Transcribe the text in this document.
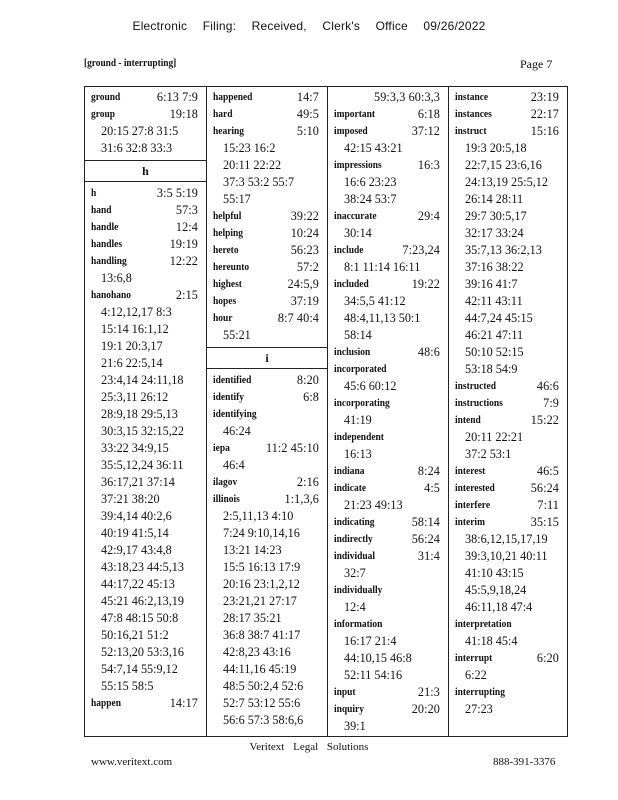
Electronic Filing: Received, Clerk's Office 09/26/2022
[ground - interrupting]	Page 7
ground	6:13 7:9
group	19:18
20:15 27:8 31:5
31:6 32:8 33:3
h
h	3:5 5:19
hand	57:3
handle	12:4
handles	19:19
handling	12:22
13:6,8
hanohano	2:15
4:12,12,17 8:3
15:14 16:1,12
19:1 20:3,17
21:6 22:5,14
23:4,14 24:11,18
25:3,11 26:12
28:9,18 29:5,13
30:3,15 32:15,22
33:22 34:9,15
35:5,12,24 36:11
36:17,21 37:14
37:21 38:20
39:4,14 40:2,6
40:19 41:5,14
42:9,17 43:4,8
43:18,23 44:5,13
44:17,22 45:13
45:21 46:2,13,19
47:8 48:15 50:8
50:16,21 51:2
52:13,20 53:3,16
54:7,14 55:9,12
55:15 58:5
happen	14:17
happened	14:7
hard	49:5
hearing	5:10
15:23 16:2
20:11 22:22
37:3 53:2 55:7
55:17
helpful	39:22
helping	10:24
hereto	56:23
hereunto	57:2
highest	24:5,9
hopes	37:19
hour	8:7 40:4
55:21
i
identified	8:20
identify	6:8
identifying
46:24
iepa	11:2 45:10
46:4
ilagov	2:16
illinois	1:1,3,6
2:5,11,13 4:10
7:24 9:10,14,16
13:21 14:23
15:5 16:13 17:9
20:16 23:1,2,12
23:21,21 27:17
28:17 35:21
36:8 38:7 41:17
42:8,23 43:16
44:11,16 45:19
48:5 50:2,4 52:6
52:7 53:12 55:6
56:6 57:3 58:6,6
59:3,3 60:3,3
important	6:18
imposed	37:12
42:15 43:21
impressions	16:3
16:6 23:23
38:24 53:7
inaccurate	29:4
30:14
include	7:23,24
8:1 11:14 16:11
included	19:22
34:5,5 41:12
48:4,11,13 50:1
58:14
inclusion	48:6
incorporated
45:6 60:12
incorporating
41:19
independent
16:13
indiana	8:24
indicate	4:5
21:23 49:13
indicating	58:14
indirectly	56:24
individual	31:4
32:7
individually
12:4
information
16:17 21:4
44:10,15 46:8
52:11 54:16
input	21:3
inquiry	20:20
39:1
instance	23:19
instances	22:17
instruct	15:16
19:3 20:5,18
22:7,15 23:6,16
24:13,19 25:5,12
26:14 28:11
29:7 30:5,17
32:17 33:24
35:7,13 36:2,13
37:16 38:22
39:16 41:7
42:11 43:11
44:7,24 45:15
46:21 47:11
50:10 52:15
53:18 54:9
instructed	46:6
instructions	7:9
intend	15:22
20:11 22:21
37:2 53:1
interest	46:5
interested	56:24
interfere	7:11
interim	35:15
38:6,12,15,17,19
39:3,10,21 40:11
41:10 43:15
45:5,9,18,24
46:11,18 47:4
interpretation
41:18 45:4
interrupt	6:20
6:22
interrupting
27:23
Veritext Legal Solutions
www.veritext.com	888-391-3376
